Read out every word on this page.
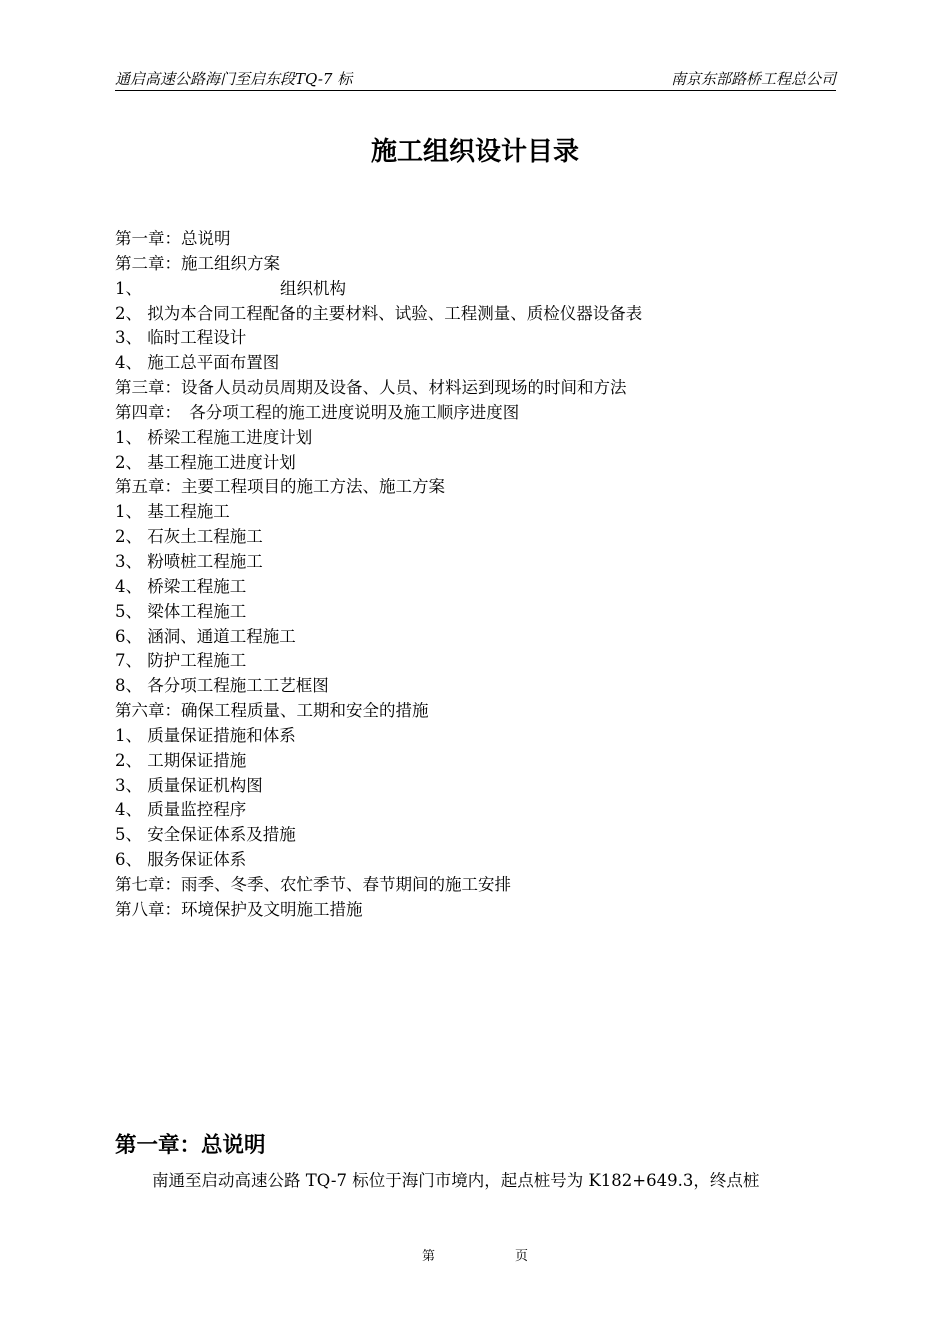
通启高速公路海门至启东段TQ-7 标	南京东部路桥工程总公司
施工组织设计目录
第一章：总说明
第二章：施工组织方案
1、	组织机构
2、 拟为本合同工程配备的主要材料、试验、工程测量、质检仪器设备表
3、 临时工程设计
4、 施工总平面布置图
第三章：设备人员动员周期及设备、人员、材料运到现场的时间和方法
第四章：　各分项工程的施工进度说明及施工顺序进度图
1、 桥梁工程施工进度计划
2、 基工程施工进度计划
第五章：主要工程项目的施工方法、施工方案
1、 基工程施工
2、 石灰土工程施工
3、 粉喷桩工程施工
4、 桥梁工程施工
5、 梁体工程施工
6、 涵洞、通道工程施工
7、 防护工程施工
8、 各分项工程施工工艺框图
第六章：确保工程质量、工期和安全的措施
1、 质量保证措施和体系
2、 工期保证措施
3、 质量保证机构图
4、 质量监控程序
5、 安全保证体系及措施
6、 服务保证体系
第七章：雨季、冬季、农忙季节、春节期间的施工安排
第八章：环境保护及文明施工措施
第一章：总说明
南通至启动高速公路 TQ-7 标位于海门市境内，起点桩号为 K182+649.3，终点桩
第	页
